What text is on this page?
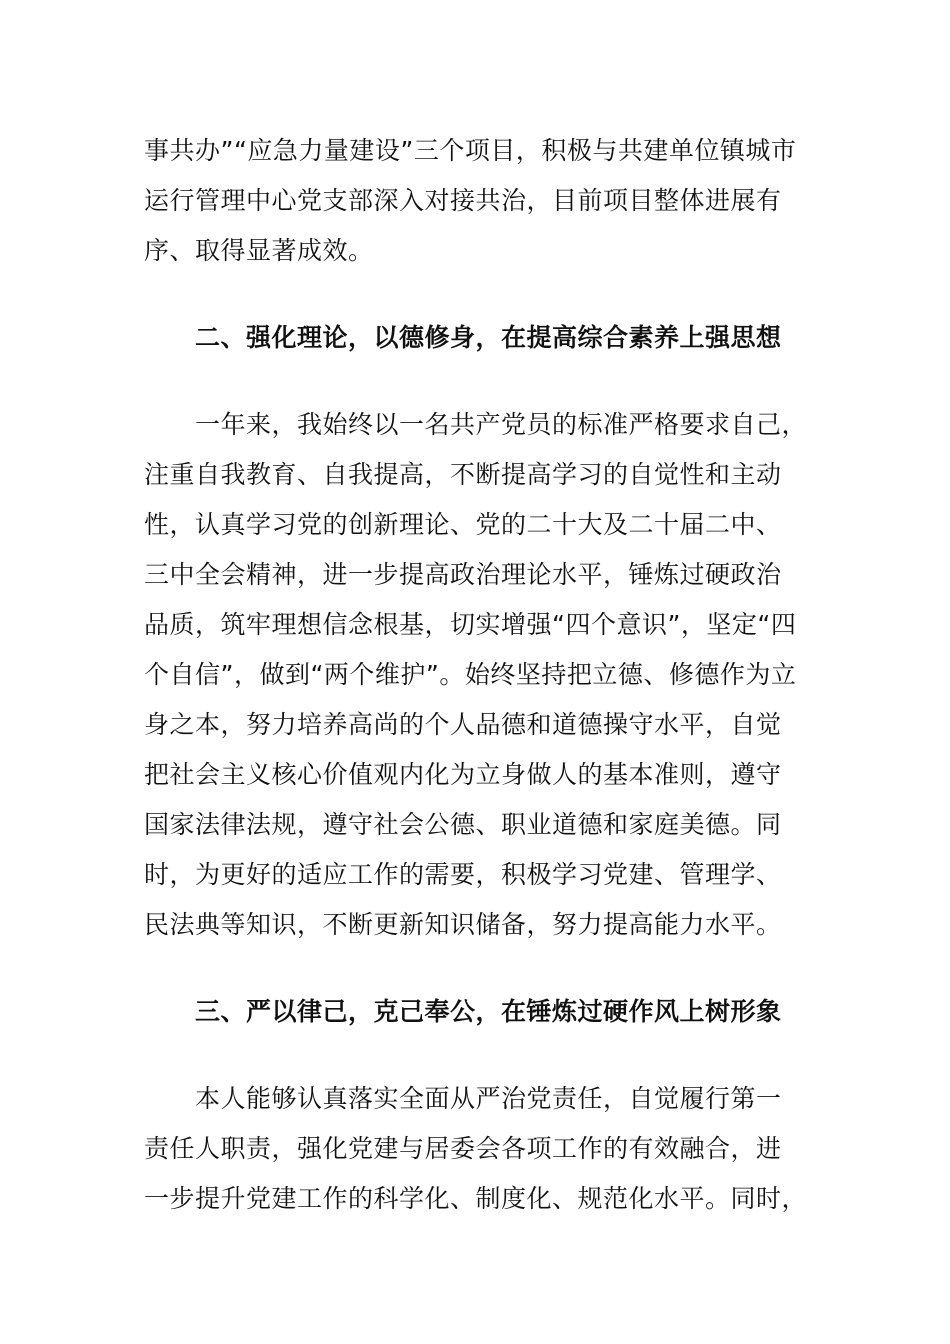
事共办”“应急力量建设”三个项目，积极与共建单位镇城市
运行管理中心党支部深入对接共治，目前项目整体进展有
序、取得显著成效。
二、强化理论，以德修身，在提高综合素养上强思想
一年来，我始终以一名共产党员的标准严格要求自己，
注重自我教育、自我提高，不断提高学习的自觉性和主动
性，认真学习党的创新理论、党的二十大及二十届二中、
三中全会精神，进一步提高政治理论水平，锤炼过硬政治
品质，筑牢理想信念根基，切实增强“四个意识”，坚定“四
个自信”，做到“两个维护”。始终坚持把立德、修德作为立
身之本，努力培养高尚的个人品德和道德操守水平，自觉
把社会主义核心价值观内化为立身做人的基本准则，遵守
国家法律法规，遵守社会公德、职业道德和家庭美德。同
时，为更好的适应工作的需要，积极学习党建、管理学、
民法典等知识，不断更新知识储备，努力提高能力水平。
三、严以律己，克己奉公，在锤炼过硬作风上树形象
本人能够认真落实全面从严治党责任，自觉履行第一
责任人职责，强化党建与居委会各项工作的有效融合，进
一步提升党建工作的科学化、制度化、规范化水平。同时，
